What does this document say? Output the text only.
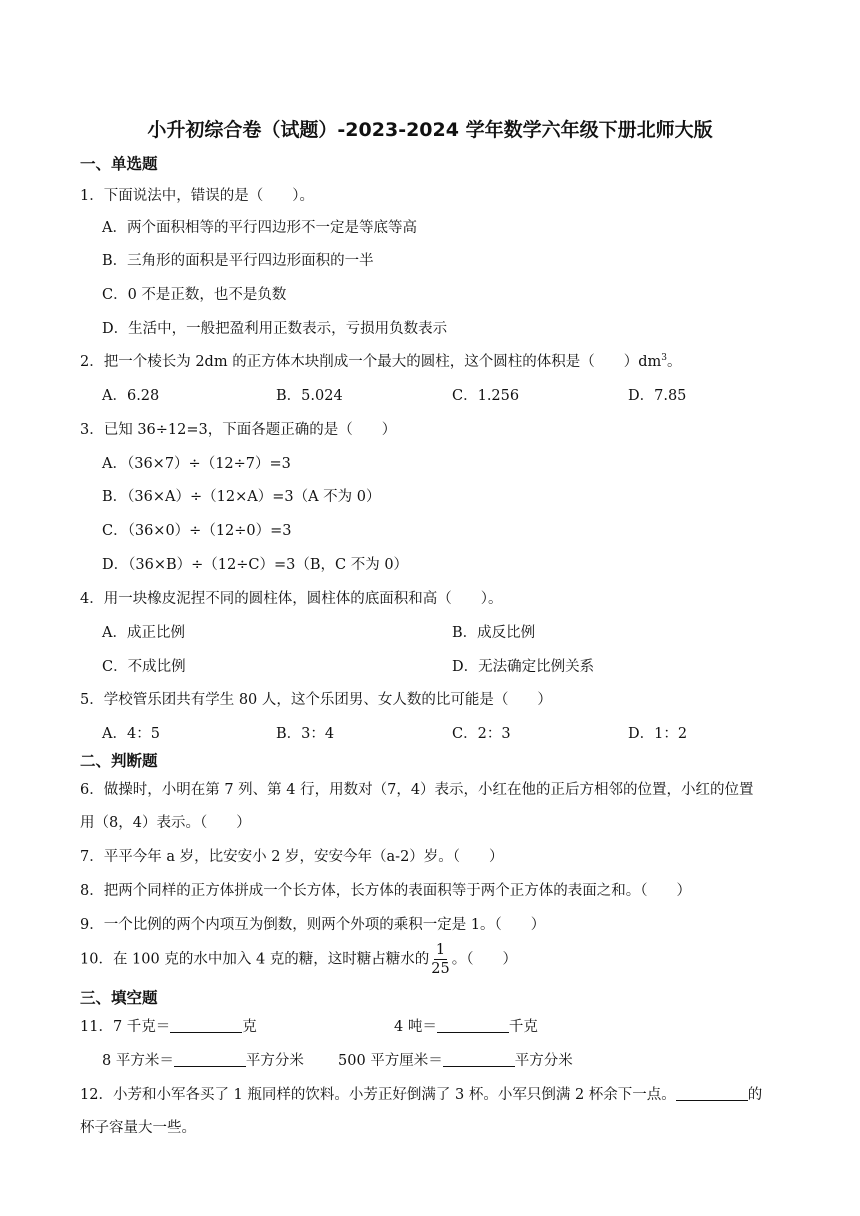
小升初综合卷（试题）-2023-2024 学年数学六年级下册北师大版
一、单选题
1．下面说法中，错误的是（　　）。
A．两个面积相等的平行四边形不一定是等底等高
B．三角形的面积是平行四边形面积的一半
C．0 不是正数，也不是负数
D．生活中，一般把盈利用正数表示，亏损用负数表示
2．把一个棱长为 2dm 的正方体木块削成一个最大的圆柱，这个圆柱的体积是（　　）$dm^3$。
A．6.28	B．5.024	C．1.256	D．7.85
3．已知 36÷12=3，下面各题正确的是（　　）
A．（36×7）÷（12÷7）=3
B．（36×A）÷（12×A）=3（A 不为 0）
C．（36×0）÷（12÷0）=3
D．（36×B）÷（12÷C）=3（B，C 不为 0）
4．用一块橡皮泥捏不同的圆柱体，圆柱体的底面积和高（　　）。
A．成正比例	B．成反比例
C．不成比例	D．无法确定比例关系
5．学校管乐团共有学生 80 人，这个乐团男、女人数的比可能是（　　）
A．4：5	B．3：4	C．2：3	D．1：2
二、判断题
6．做操时，小明在第 7 列、第 4 行，用数对（7，4）表示，小红在他的正后方相邻的位置，小红的位置
用（8，4）表示。（　　）
7．平平今年 a 岁，比安安小 2 岁，安安今年（a-2）岁。（　　）
8．把两个同样的正方体拼成一个长方体，长方体的表面积等于两个正方体的表面之和。（　　）
9．一个比例的两个内项互为倒数，则两个外项的乘积一定是 1。（　　）
10．在 100 克的水中加入 4 克的糖，这时糖占糖水的 $\frac{1}{25}$ 。（　　）
三、填空题
11．7 千克＝	克	4 吨＝	千克
8 平方米＝	平方分米 500 平方厘米＝	平方分米
12．小芳和小军各买了 1 瓶同样的饮料。小芳正好倒满了 3 杯。小军只倒满 2 杯余下一点。	的
杯子容量大一些。
